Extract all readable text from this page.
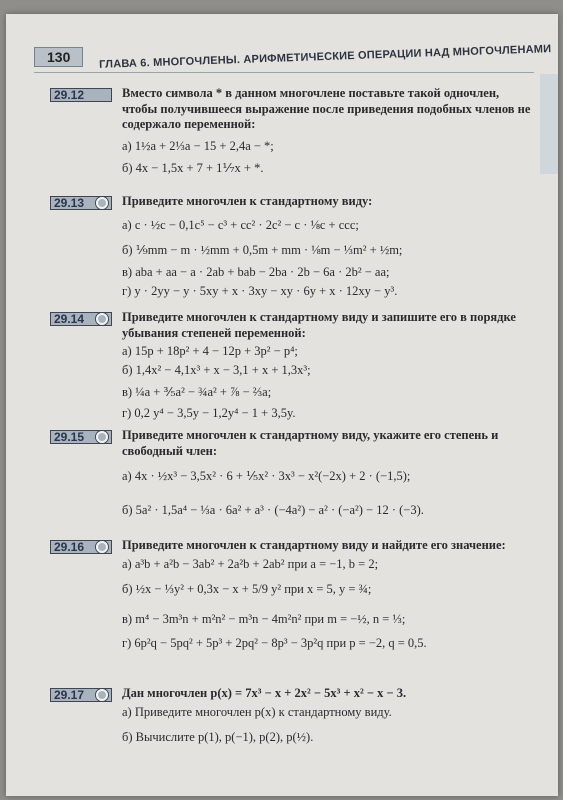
130	ГЛАВА 6. МНОГОЧЛЕНЫ. АРИФМЕТИЧЕСКИЕ ОПЕРАЦИИ НАД МНОГОЧЛЕНАМИ
29.12	Вместо символа * в данном многочлене поставьте такой одночлен, чтобы получившееся выражение после приведения подобных членов не содержало переменной:
а) 1½a + 2⅓a − 15 + 2,4a − *;
б) 4x − 1,5x + 7 + 1⅐x + *.
29.13	Приведите многочлен к стандартному виду:
а) c · ½c − 0,1c⁵ − c³ + cc² · 2c² − c · ⅛c + ccc;
б) ⅑mm − m · ½mm + 0,5m + mm · ⅛m − ⅓m² + ½m;
в) aba + aa − a · 2ab + bab − 2ba · 2b − 6a · 2b² − aa;
г) y · 2yy − y · 5xy + x · 3xy − xy · 6y + x · 12xy − y³.
29.14	Приведите многочлен к стандартному виду и запишите его в порядке убывания степеней переменной:
а) 15p + 18p² + 4 − 12p + 3p² − p⁴;
б) 1,4x² − 4,1x³ + x − 3,1 + x + 1,3x³;
в) ¼a + ⅗a² − ¾a² + ⅞ − ⅔a;
г) 0,2 y⁴ − 3,5y − 1,2y⁴ − 1 + 3,5y.
29.15	Приведите многочлен к стандартному виду, укажите его степень и свободный член:
а) 4x · ½x³ − 3,5x² · 6 + ⅕x² · 3x³ − x²(−2x) + 2 · (−1,5);
б) 5a² · 1,5a⁴ − ⅓a · 6a² + a³ · (−4a²) − a² · (−a²) − 12 · (−3).
29.16	Приведите многочлен к стандартному виду и найдите его значение:
а) a³b + a²b − 3ab² + 2a²b + 2ab² при a = −1, b = 2;
б) ½x − ⅓y² + 0,3x − x + 5/9 y² при x = 5, y = ¾;
в) m⁴ − 3m³n + m²n² − m³n − 4m²n² при m = −½, n = ⅓;
г) 6p²q − 5pq² + 5p³ + 2pq² − 8p³ − 3p²q при p = −2, q = 0,5.
29.17	Дан многочлен p(x) = 7x³ − x + 2x² − 5x³ + x² − x − 3.
а) Приведите многочлен p(x) к стандартному виду.
б) Вычислите p(1), p(−1), p(2), p(½).
